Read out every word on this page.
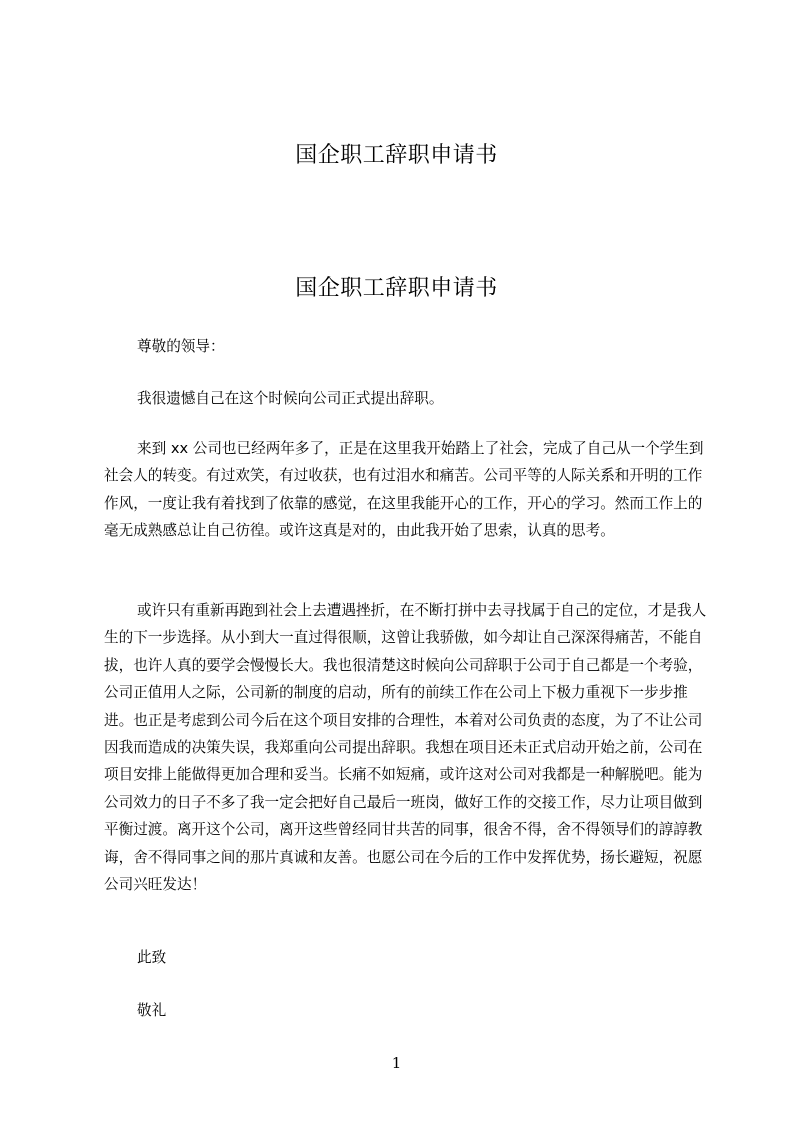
国企职工辞职申请书
国企职工辞职申请书

尊敬的领导：

我很遗憾自己在这个时候向公司正式提出辞职。

来到 xx 公司也已经两年多了，正是在这里我开始踏上了社会，完成了自己从一个学生到社会人的转变。有过欢笑，有过收获，也有过泪水和痛苦。公司平等的人际关系和开明的工作作风，一度让我有着找到了依靠的感觉，在这里我能开心的工作，开心的学习。然而工作上的毫无成熟感总让自己彷徨。或许这真是对的，由此我开始了思索，认真的思考。

或许只有重新再跑到社会上去遭遇挫折，在不断打拼中去寻找属于自己的定位，才是我人生的下一步选择。从小到大一直过得很顺，这曾让我骄傲，如今却让自己深深得痛苦，不能自拔，也许人真的要学会慢慢长大。我也很清楚这时候向公司辞职于公司于自己都是一个考验，公司正值用人之际，公司新的制度的启动，所有的前续工作在公司上下极力重视下一步步推进。也正是考虑到公司今后在这个项目安排的合理性，本着对公司负责的态度，为了不让公司因我而造成的决策失误，我郑重向公司提出辞职。我想在项目还未正式启动开始之前，公司在项目安排上能做得更加合理和妥当。长痛不如短痛，或许这对公司对我都是一种解脱吧。能为公司效力的日子不多了我一定会把好自己最后一班岗，做好工作的交接工作，尽力让项目做到平衡过渡。离开这个公司，离开这些曾经同甘共苦的同事，很舍不得，舍不得领导们的諄諄教诲，舍不得同事之间的那片真诚和友善。也愿公司在今后的工作中发挥优势，扬长避短，祝愿公司兴旺发达！

此致

敬礼

1
